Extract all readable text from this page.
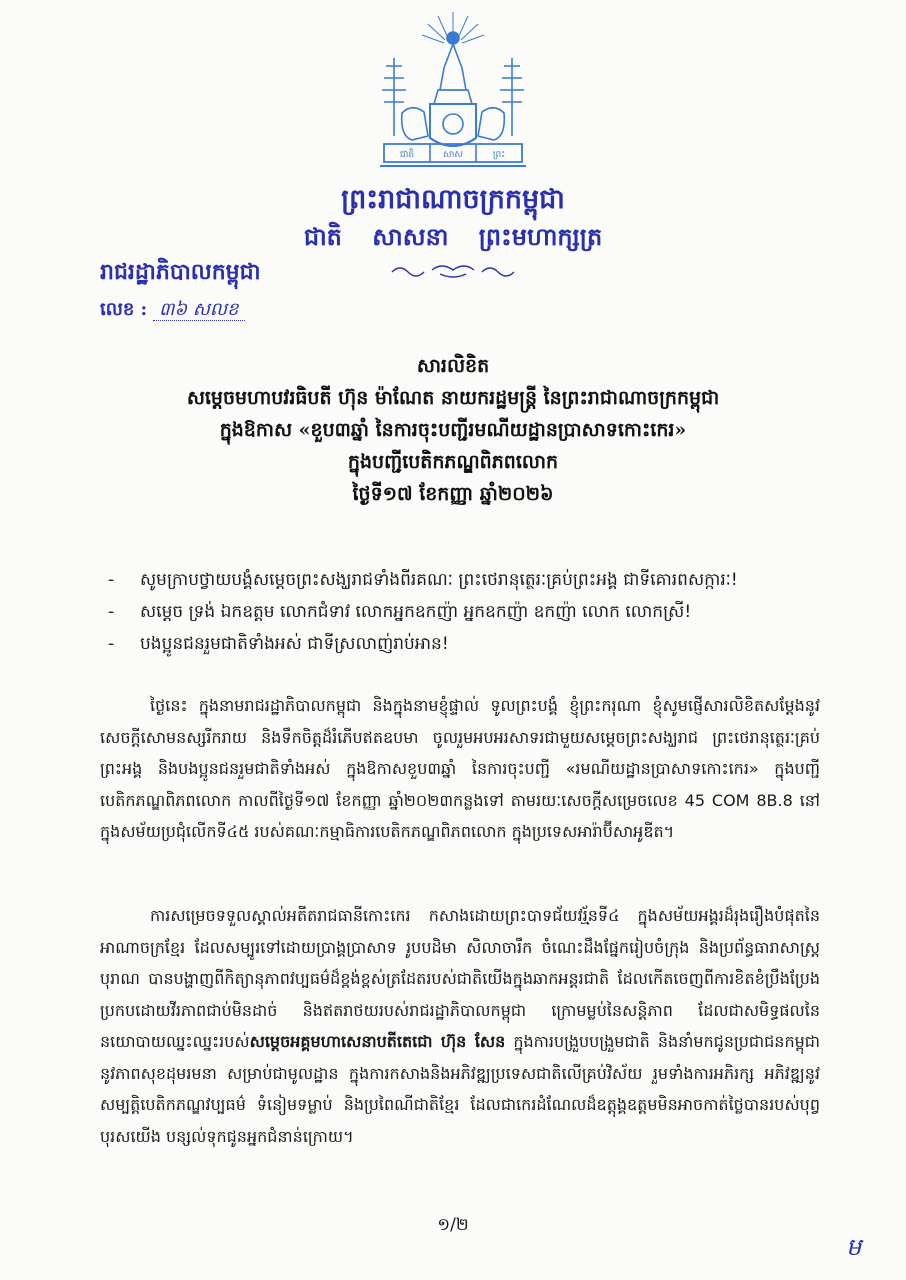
ជាតិ	សាស	ព្រះ
ព្រះរាជាណាចក្រកម្ពុជា
ជាតិ សាសនា ព្រះមហាក្សត្រ
រាជរដ្ឋាភិបាលកម្ពុជា
លេខ : ៣៦ សលខ
សារលិខិត
សម្តេចមហាបវរធិបតី ហ៊ុន ម៉ាណែត នាយករដ្ឋមន្ត្រី នៃព្រះរាជាណាចក្រកម្ពុជា
ក្នុងឱកាស «ខួប៣ឆ្នាំ នៃការចុះបញ្ជីរមណីយដ្ឋានប្រាសាទកោះកេរ»
ក្នុងបញ្ជីបេតិកភណ្ឌពិភពលោក
ថ្ងៃទី១៧ ខែកញ្ញា ឆ្នាំ២០២៦
- សូមក្រាបថ្វាយបង្គំសម្តេចព្រះសង្ឃរាជទាំងពីរគណៈ ព្រះថេរានុត្ថេរៈគ្រប់ព្រះអង្គ ជាទីគោរពសក្ការៈ!
- សម្តេច ទ្រង់ ឯកឧត្តម លោកជំទាវ លោកអ្នកឧកញ៉ា អ្នកឧកញ៉ា ឧកញ៉ា លោក លោកស្រី!
- បងប្អូនជនរួមជាតិទាំងអស់ ជាទីស្រលាញ់រាប់អាន!
ថ្ងៃនេះ ក្នុងនាមរាជរដ្ឋាភិបាលកម្ពុជា និងក្នុងនាមខ្ញុំផ្ទាល់ ទូលព្រះបង្គំ ខ្ញុំព្រះករុណា ខ្ញុំសូមផ្ញើសារលិខិតសម្តែងនូវសេចក្តីសោមនស្សរីករាយ និងទឹកចិត្តដ៏រំភើបឥតឧបមា ចូលរួមអបអរសាទរជាមួយសម្តេចព្រះសង្ឃរាជ ព្រះថេរានុត្ថេរៈគ្រប់ព្រះអង្គ និងបងប្អូនជនរួមជាតិទាំងអស់ ក្នុងឱកាសខួប៣ឆ្នាំ នៃការចុះបញ្ជី «រមណីយដ្ឋានប្រាសាទកោះកេរ» ក្នុងបញ្ជីបេតិកភណ្ឌពិភពលោក កាលពីថ្ងៃទី១៧ ខែកញ្ញា ឆ្នាំ២០២៣កន្លងទៅ តាមរយៈសេចក្តីសម្រេចលេខ 45 COM 8B.8 នៅក្នុងសម័យប្រជុំលើកទី៤៥ របស់គណៈកម្មាធិការបេតិកភណ្ឌពិភពលោក ក្នុងប្រទេសអារ៉ាប៊ីសាអូឌីត។
ការសម្រេចទទួលស្គាល់អតីតរាជធានីកោះកេរ កសាងដោយព្រះបាទជ័យវរ្ម័នទី៤ ក្នុងសម័យអង្គរដ៏រុងរឿងបំផុតនៃអាណាចក្រខ្មែរ ដែលសម្បូរទៅដោយប្រាង្គប្រាសាទ រូបបដិមា សិលាចារឹក ចំណេះដឹងផ្នែករៀបចំក្រុង និងប្រព័ន្ធធារាសាស្ត្របុរាណ បានបង្ហាញពីកិត្យានុភាពវប្បធម៌ដ៏ខ្ពង់ខ្ពស់ត្រដែតរបស់ជាតិយើងក្នុងឆាកអន្តរជាតិ ដែលកើតចេញពីការខិតខំប្រឹងប្រែងប្រកបដោយវីរភាពជាប់មិនដាច់ និងឥតរាថយរបស់រាជរដ្ឋាភិបាលកម្ពុជា ក្រោមម្លប់នៃសន្តិភាព ដែលជាសមិទ្ធផលនៃនយោបាយឈ្នះឈ្នះរបស់សម្តេចអគ្គមហាសេនាបតីតេជោ ហ៊ុន សែន ក្នុងការបង្រួបបង្រួមជាតិ និងនាំមកជូនប្រជាជនកម្ពុជានូវភាពសុខដុមរមនា សម្រាប់ជាមូលដ្ឋាន ក្នុងការកសាងនិងអភិវឌ្ឍប្រទេសជាតិលើគ្រប់វិស័យ រួមទាំងការអភិរក្ស អភិវឌ្ឍនូវសម្បត្តិបេតិកភណ្ឌវប្បធម៌ ទំនៀមទម្លាប់ និងប្រពៃណីជាតិខ្មែរ ដែលជាកេរដំណែលដ៏ឧត្តុង្គឧត្តមមិនអាចកាត់ថ្លៃបានរបស់បុព្វបុរសយើង បន្សល់ទុកជូនអ្នកជំនាន់ក្រោយ។
១/២
ម
